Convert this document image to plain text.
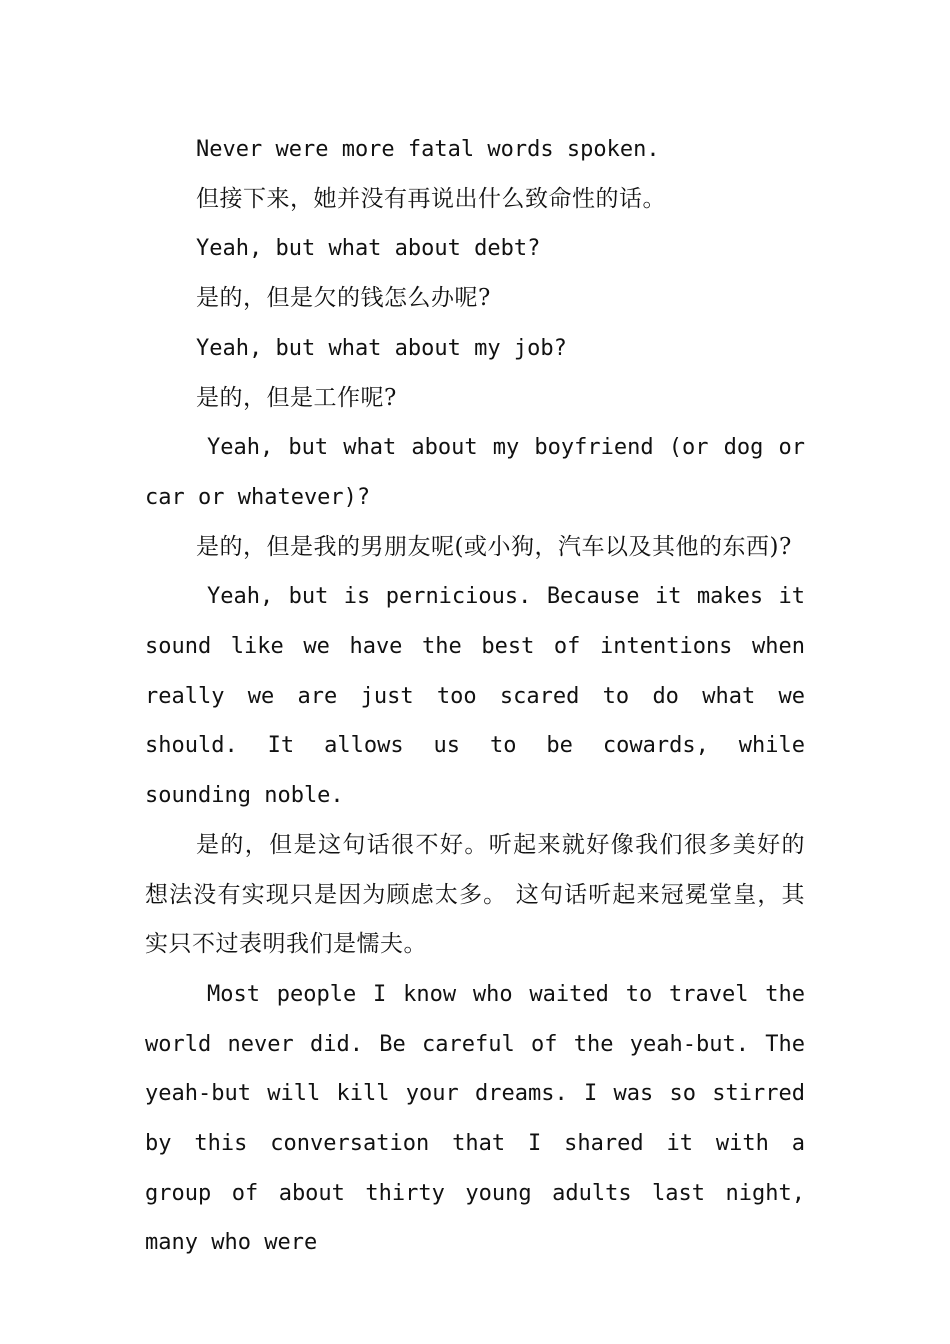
Never were more fatal words spoken.

但接下来，她并没有再说出什么致命性的话。

Yeah, but what about debt?

是的，但是欠的钱怎么办呢?

Yeah, but what about my job?

是的，但是工作呢?

Yeah, but what about my boyfriend (or dog or car or whatever)?

是的，但是我的男朋友呢(或小狗，汽车以及其他的东西)?

Yeah, but is pernicious. Because it makes it sound like we have the best of intentions when really we are just too scared to do what we should. It allows us to be cowards, while sounding noble.

是的，但是这句话很不好。听起来就好像我们很多美好的想法没有实现只是因为顾虑太多。 这句话听起来冠冕堂皇，其实只不过表明我们是懦夫。

Most people I know who waited to travel the world never did. Be careful of the yeah-but. The yeah-but will kill your dreams. I was so stirred by this conversation that I shared it with a group of about thirty young adults last night, many who were
